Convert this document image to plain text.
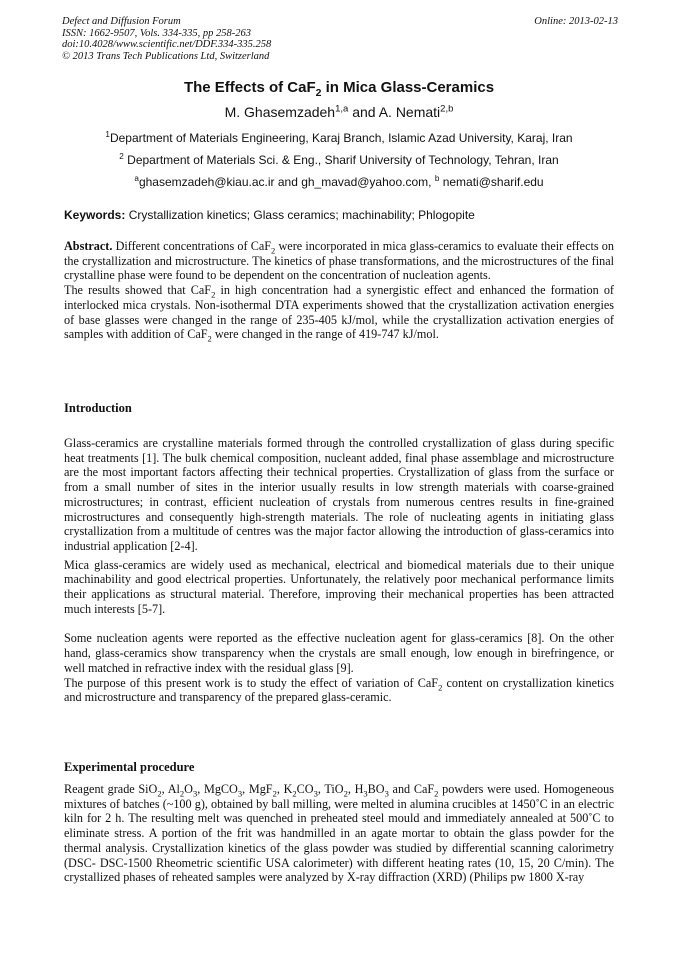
Defect and Diffusion Forum
ISSN: 1662-9507, Vols. 334-335, pp 258-263
doi:10.4028/www.scientific.net/DDF.334-335.258
© 2013 Trans Tech Publications Ltd, Switzerland
Online: 2013-02-13
The Effects of CaF$_2$ in Mica Glass-Ceramics
M. Ghasemzadeh$^{1,a}$ and A. Nemati$^{2,b}$
$^1$Department of Materials Engineering, Karaj Branch, Islamic Azad University, Karaj, Iran
$^2$ Department of Materials Sci. & Eng., Sharif University of Technology, Tehran, Iran
$^a$ghasemzadeh@kiau.ac.ir and gh_mavad@yahoo.com, $^b$ nemati@sharif.edu
Keywords: Crystallization kinetics; Glass ceramics; machinability; Phlogopite

Abstract. Different concentrations of CaF$_2$ were incorporated in mica glass-ceramics to evaluate their effects on the crystallization and microstructure. The kinetics of phase transformations, and the microstructures of the final crystalline phase were found to be dependent on the concentration of nucleation agents.

The results showed that CaF$_2$ in high concentration had a synergistic effect and enhanced the formation of interlocked mica crystals. Non-isothermal DTA experiments showed that the crystallization activation energies of base glasses were changed in the range of 235-405 kJ/mol, while the crystallization activation energies of samples with addition of CaF$_2$ were changed in the range of 419-747 kJ/mol.

Introduction

Glass-ceramics are crystalline materials formed through the controlled crystallization of glass during specific heat treatments [1]. The bulk chemical composition, nucleant added, final phase assemblage and microstructure are the most important factors affecting their technical properties. Crystallization of glass from the surface or from a small number of sites in the interior usually results in low strength materials with coarse-grained microstructures; in contrast, efficient nucleation of crystals from numerous centres results in fine-grained microstructures and consequently high-strength materials. The role of nucleating agents in initiating glass crystallization from a multitude of centres was the major factor allowing the introduction of glass-ceramics into industrial application [2-4].

Mica glass-ceramics are widely used as mechanical, electrical and biomedical materials due to their unique machinability and good electrical properties. Unfortunately, the relatively poor mechanical performance limits their applications as structural material. Therefore, improving their mechanical properties has been attracted much interests [5-7].

Some nucleation agents were reported as the effective nucleation agent for glass-ceramics [8]. On the other hand, glass-ceramics show transparency when the crystals are small enough, low enough in birefringence, or well matched in refractive index with the residual glass [9].

The purpose of this present work is to study the effect of variation of CaF$_2$ content on crystallization kinetics and microstructure and transparency of the prepared glass-ceramic.

Experimental procedure

Reagent grade SiO$_2$, $Al_2O_3$, MgCO$_3$, MgF$_2$, $K_2CO_3$, TiO$_2$, $H_3BO_3$ and CaF$_2$ powders were used. Homogeneous mixtures of batches (~100 g), obtained by ball milling, were melted in alumina crucibles at 1450˚C in an electric kiln for 2 h. The resulting melt was quenched in preheated steel mould and immediately annealed at 500˚C to eliminate stress. A portion of the frit was handmilled in an agate mortar to obtain the glass powder for the thermal analysis. Crystallization kinetics of the glass powder was studied by differential scanning calorimetry (DSC- DSC-1500 Rheometric scientific USA calorimeter) with different heating rates (10, 15, 20 C/min). The crystallized phases of reheated samples were analyzed by X-ray diffraction (XRD) (Philips pw 1800 X-ray
